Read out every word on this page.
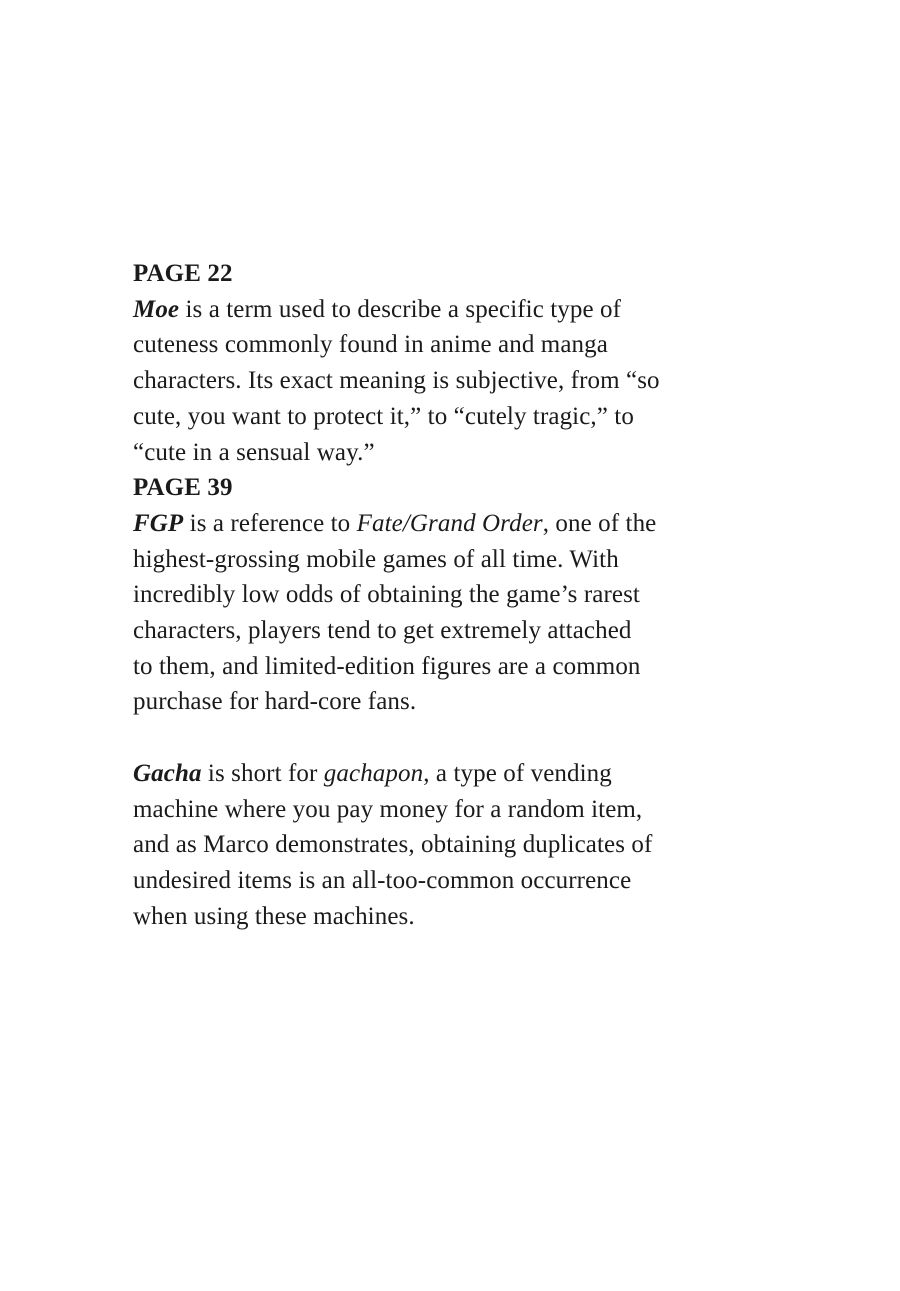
PAGE 22
Moe is a term used to describe a specific type of
cuteness commonly found in anime and manga
characters. Its exact meaning is subjective, from “so
cute, you want to protect it,” to “cutely tragic,” to
“cute in a sensual way.”
PAGE 39
FGP is a reference to Fate/Grand Order, one of the
highest-grossing mobile games of all time. With
incredibly low odds of obtaining the game’s rarest
characters, players tend to get extremely attached
to them, and limited-edition figures are a common
purchase for hard-core fans.
Gacha is short for gachapon, a type of vending
machine where you pay money for a random item,
and as Marco demonstrates, obtaining duplicates of
undesired items is an all-too-common occurrence
when using these machines.
